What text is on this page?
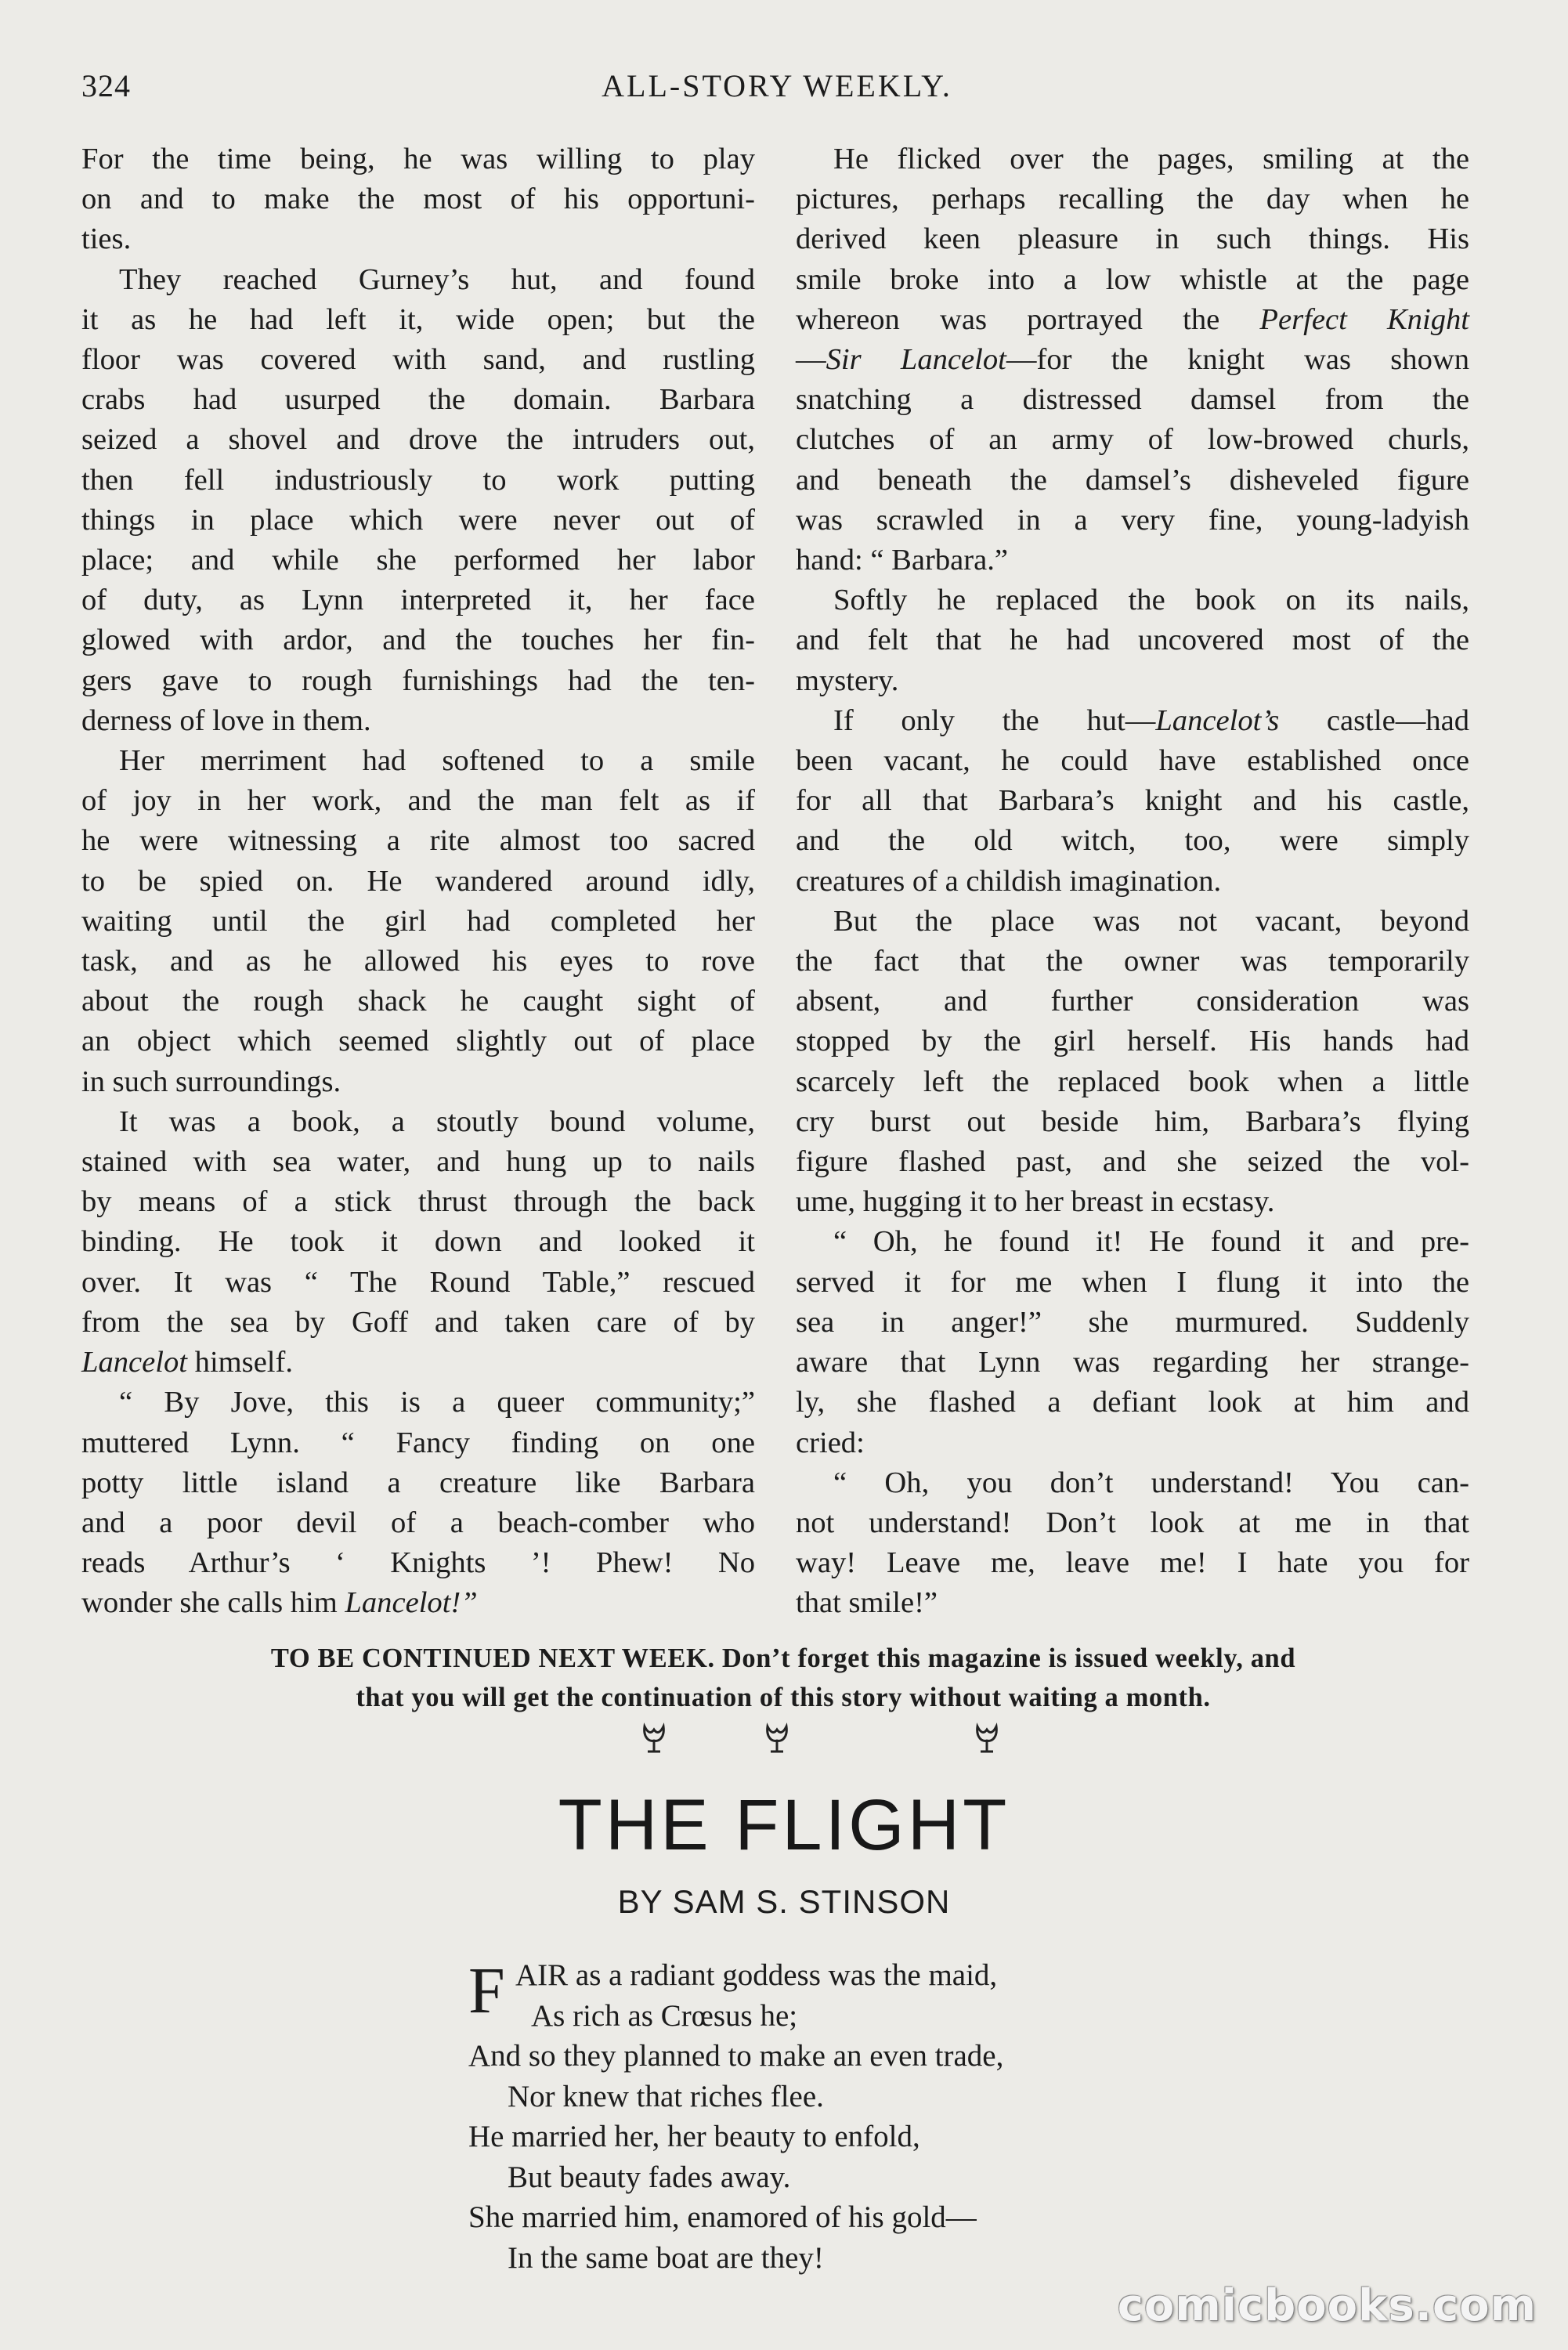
324	ALL-STORY WEEKLY.
For the time being, he was willing to play
on and to make the most of his opportuni-
ties.
They reached Gurney’s hut, and found
it as he had left it, wide open; but the
floor was covered with sand, and rustling
crabs had usurped the domain. Barbara
seized a shovel and drove the intruders out,
then fell industriously to work putting
things in place which were never out of
place; and while she performed her labor
of duty, as Lynn interpreted it, her face
glowed with ardor, and the touches her fin-
gers gave to rough furnishings had the ten-
derness of love in them.
Her merriment had softened to a smile
of joy in her work, and the man felt as if
he were witnessing a rite almost too sacred
to be spied on. He wandered around idly,
waiting until the girl had completed her
task, and as he allowed his eyes to rove
about the rough shack he caught sight of
an object which seemed slightly out of place
in such surroundings.
It was a book, a stoutly bound volume,
stained with sea water, and hung up to nails
by means of a stick thrust through the back
binding. He took it down and looked it
over. It was “ The Round Table,” rescued
from the sea by Goff and taken care of by
Lancelot himself.
“ By Jove, this is a queer community;”
muttered Lynn. “ Fancy finding on one
potty little island a creature like Barbara
and a poor devil of a beach-comber who
reads Arthur’s ‘ Knights ’! Phew! No
wonder she calls him Lancelot!”
He flicked over the pages, smiling at the
pictures, perhaps recalling the day when he
derived keen pleasure in such things. His
smile broke into a low whistle at the page
whereon was portrayed the Perfect Knight
—Sir Lancelot—for the knight was shown
snatching a distressed damsel from the
clutches of an army of low-browed churls,
and beneath the damsel’s disheveled figure
was scrawled in a very fine, young-ladyish
hand: “ Barbara.”
Softly he replaced the book on its nails,
and felt that he had uncovered most of the
mystery.
If only the hut—Lancelot’s castle—had
been vacant, he could have established once
for all that Barbara’s knight and his castle,
and the old witch, too, were simply
creatures of a childish imagination.
But the place was not vacant, beyond
the fact that the owner was temporarily
absent, and further consideration was
stopped by the girl herself. His hands had
scarcely left the replaced book when a little
cry burst out beside him, Barbara’s flying
figure flashed past, and she seized the vol-
ume, hugging it to her breast in ecstasy.
“ Oh, he found it! He found it and pre-
served it for me when I flung it into the
sea in anger!” she murmured. Suddenly
aware that Lynn was regarding her strange-
ly, she flashed a defiant look at him and
cried:
“ Oh, you don’t understand! You can-
not understand! Don’t look at me in that
way! Leave me, leave me! I hate you for
that smile!”
TO BE CONTINUED NEXT WEEK. Don’t forget this magazine is issued weekly, and
that you will get the continuation of this story without waiting a month.
THE FLIGHT
BY SAM S. STINSON
F AIR as a radiant goddess was the maid,
As rich as Crœsus he;
And so they planned to make an even trade,
Nor knew that riches flee.
He married her, her beauty to enfold,
But beauty fades away.
She married him, enamored of his gold—
In the same boat are they!
comicbooks.com
